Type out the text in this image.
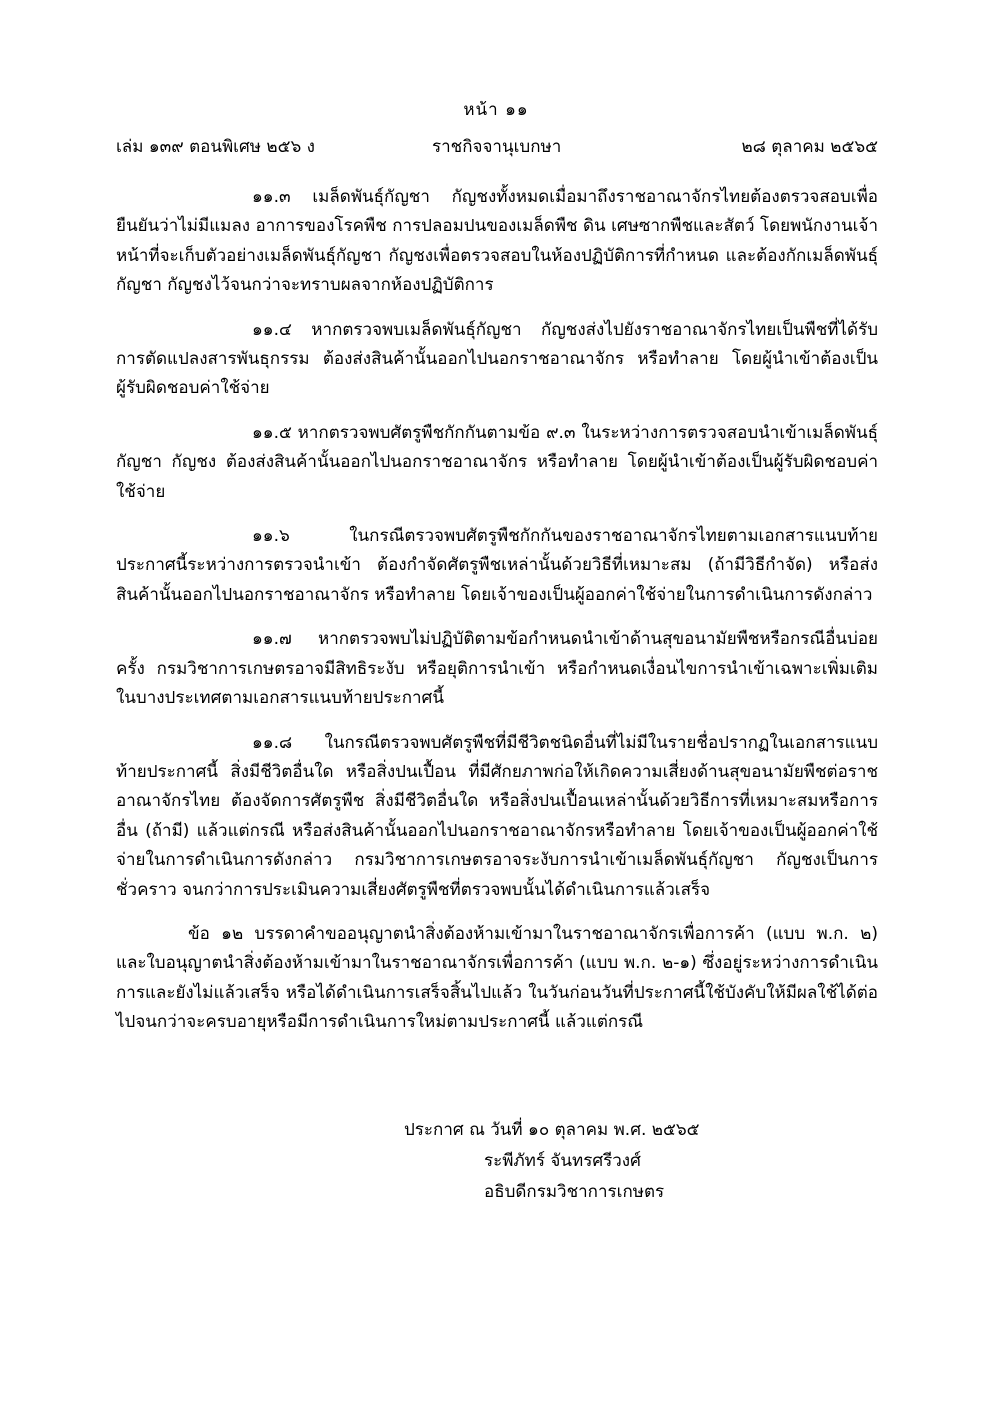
หน้า ๑๑
เล่ม ๑๓๙ ตอนพิเศษ ๒๕๖ ง	ราชกิจจานุเบกษา	๒๘ ตุลาคม ๒๕๖๕

๑๑.๓ เมล็ดพันธุ์กัญชา กัญชงทั้งหมดเมื่อมาถึงราชอาณาจักรไทยต้องตรวจสอบเพื่อยืนยันว่าไม่มีแมลง อาการของโรคพืช การปลอมปนของเมล็ดพืช ดิน เศษซากพืชและสัตว์ โดยพนักงานเจ้าหน้าที่จะเก็บตัวอย่างเมล็ดพันธุ์กัญชา กัญชงเพื่อตรวจสอบในห้องปฏิบัติการที่กำหนด และต้องกักเมล็ดพันธุ์กัญชา กัญชงไว้จนกว่าจะทราบผลจากห้องปฏิบัติการ

๑๑.๔ หากตรวจพบเมล็ดพันธุ์กัญชา กัญชงส่งไปยังราชอาณาจักรไทยเป็นพืชที่ได้รับการตัดแปลงสารพันธุกรรม ต้องส่งสินค้านั้นออกไปนอกราชอาณาจักร หรือทำลาย โดยผู้นำเข้าต้องเป็นผู้รับผิดชอบค่าใช้จ่าย

๑๑.๕ หากตรวจพบศัตรูพืชกักกันตามข้อ ๙.๓ ในระหว่างการตรวจสอบนำเข้าเมล็ดพันธุ์กัญชา กัญชง ต้องส่งสินค้านั้นออกไปนอกราชอาณาจักร หรือทำลาย โดยผู้นำเข้าต้องเป็นผู้รับผิดชอบค่าใช้จ่าย

๑๑.๖ ในกรณีตรวจพบศัตรูพืชกักกันของราชอาณาจักรไทยตามเอกสารแนบท้ายประกาศนี้ระหว่างการตรวจนำเข้า ต้องกำจัดศัตรูพืชเหล่านั้นด้วยวิธีที่เหมาะสม (ถ้ามีวิธีกำจัด) หรือส่งสินค้านั้นออกไปนอกราชอาณาจักร หรือทำลาย โดยเจ้าของเป็นผู้ออกค่าใช้จ่ายในการดำเนินการดังกล่าว

๑๑.๗ หากตรวจพบไม่ปฏิบัติตามข้อกำหนดนำเข้าด้านสุขอนามัยพืชหรือกรณีอื่นบ่อยครั้ง กรมวิชาการเกษตรอาจมีสิทธิระงับ หรือยุติการนำเข้า หรือกำหนดเงื่อนไขการนำเข้าเฉพาะเพิ่มเติมในบางประเทศตามเอกสารแนบท้ายประกาศนี้

๑๑.๘ ในกรณีตรวจพบศัตรูพืชที่มีชีวิตชนิดอื่นที่ไม่มีในรายชื่อปรากฏในเอกสารแนบท้ายประกาศนี้ สิ่งมีชีวิตอื่นใด หรือสิ่งปนเปื้อน ที่มีศักยภาพก่อให้เกิดความเสี่ยงด้านสุขอนามัยพืชต่อราชอาณาจักรไทย ต้องจัดการศัตรูพืช สิ่งมีชีวิตอื่นใด หรือสิ่งปนเปื้อนเหล่านั้นด้วยวิธีการที่เหมาะสมหรือการอื่น (ถ้ามี) แล้วแต่กรณี หรือส่งสินค้านั้นออกไปนอกราชอาณาจักรหรือทำลาย โดยเจ้าของเป็นผู้ออกค่าใช้จ่ายในการดำเนินการดังกล่าว กรมวิชาการเกษตรอาจระงับการนำเข้าเมล็ดพันธุ์กัญชา กัญชงเป็นการชั่วคราว จนกว่าการประเมินความเสี่ยงศัตรูพืชที่ตรวจพบนั้นได้ดำเนินการแล้วเสร็จ

ข้อ ๑๒ บรรดาคำขออนุญาตนำสิ่งต้องห้ามเข้ามาในราชอาณาจักรเพื่อการค้า (แบบ พ.ก. ๒) และใบอนุญาตนำสิ่งต้องห้ามเข้ามาในราชอาณาจักรเพื่อการค้า (แบบ พ.ก. ๒-๑) ซึ่งอยู่ระหว่างการดำเนินการและยังไม่แล้วเสร็จ หรือได้ดำเนินการเสร็จสิ้นไปแล้ว ในวันก่อนวันที่ประกาศนี้ใช้บังคับให้มีผลใช้ได้ต่อไปจนกว่าจะครบอายุหรือมีการดำเนินการใหม่ตามประกาศนี้ แล้วแต่กรณี

ประกาศ ณ วันที่ ๑๐ ตุลาคม พ.ศ. ๒๕๖๕
ระพีภัทร์ จันทรศรีวงศ์
อธิบดีกรมวิชาการเกษตร
